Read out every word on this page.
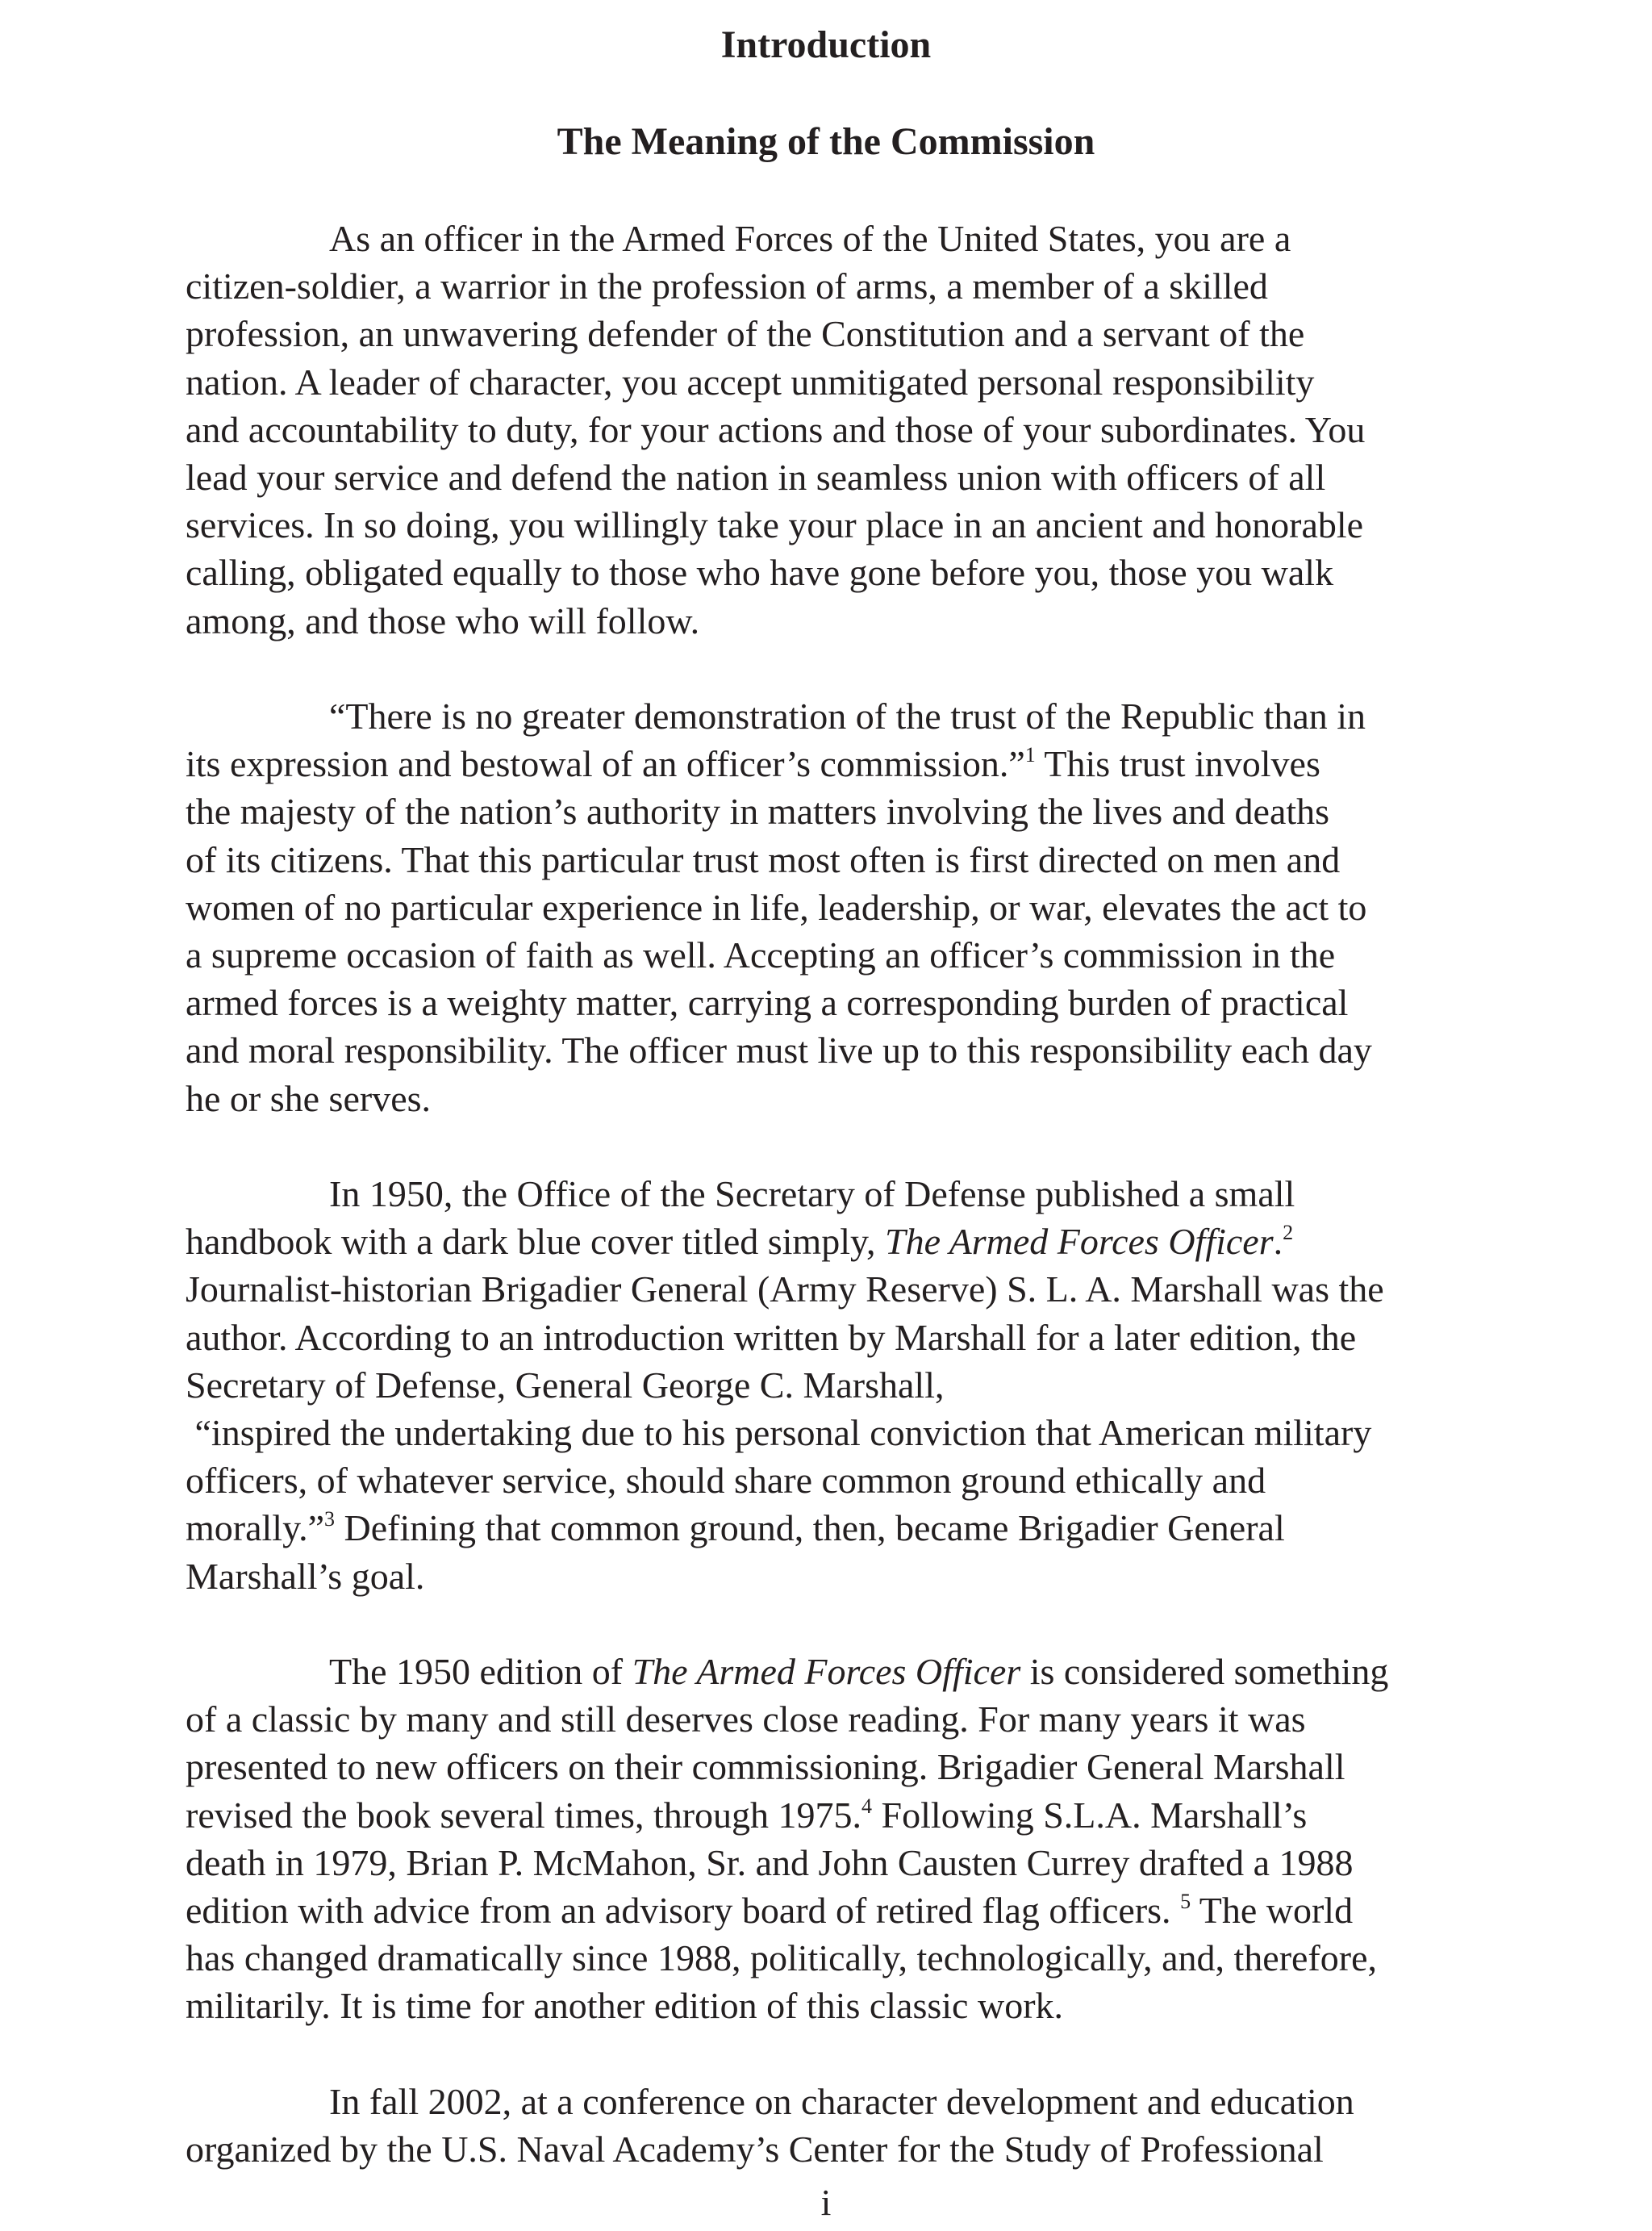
Introduction
The Meaning of the Commission

As an officer in the Armed Forces of the United States, you are a
citizen-soldier, a warrior in the profession of arms, a member of a skilled
profession, an unwavering defender of the Constitution and a servant of the
nation. A leader of character, you accept unmitigated personal responsibility
and accountability to duty, for your actions and those of your subordinates. You
lead your service and defend the nation in seamless union with officers of all
services. In so doing, you willingly take your place in an ancient and honorable
calling, obligated equally to those who have gone before you, those you walk
among, and those who will follow.

“There is no greater demonstration of the trust of the Republic than in
its expression and bestowal of an officer’s commission.”$^1$ This trust involves
the majesty of the nation’s authority in matters involving the lives and deaths
of its citizens. That this particular trust most often is first directed on men and
women of no particular experience in life, leadership, or war, elevates the act to
a supreme occasion of faith as well. Accepting an officer’s commission in the
armed forces is a weighty matter, carrying a corresponding burden of practical
and moral responsibility. The officer must live up to this responsibility each day
he or she serves.

In 1950, the Office of the Secretary of Defense published a small
handbook with a dark blue cover titled simply, The Armed Forces Officer.$^2$
Journalist-historian Brigadier General (Army Reserve) S. L. A. Marshall was the
author. According to an introduction written by Marshall for a later edition, the
Secretary of Defense, General George C. Marshall,
“inspired the undertaking due to his personal conviction that American military
officers, of whatever service, should share common ground ethically and
morally.”$^3$ Defining that common ground, then, became Brigadier General
Marshall’s goal.

The 1950 edition of The Armed Forces Officer is considered something
of a classic by many and still deserves close reading. For many years it was
presented to new officers on their commissioning. Brigadier General Marshall
revised the book several times, through 1975.$^4$ Following S.L.A. Marshall’s
death in 1979, Brian P. McMahon, Sr. and John Causten Currey drafted a 1988
edition with advice from an advisory board of retired flag officers. $^5$ The world
has changed dramatically since 1988, politically, technologically, and, therefore,
militarily. It is time for another edition of this classic work.

In fall 2002, at a conference on character development and education
organized by the U.S. Naval Academy’s Center for the Study of Professional

i
